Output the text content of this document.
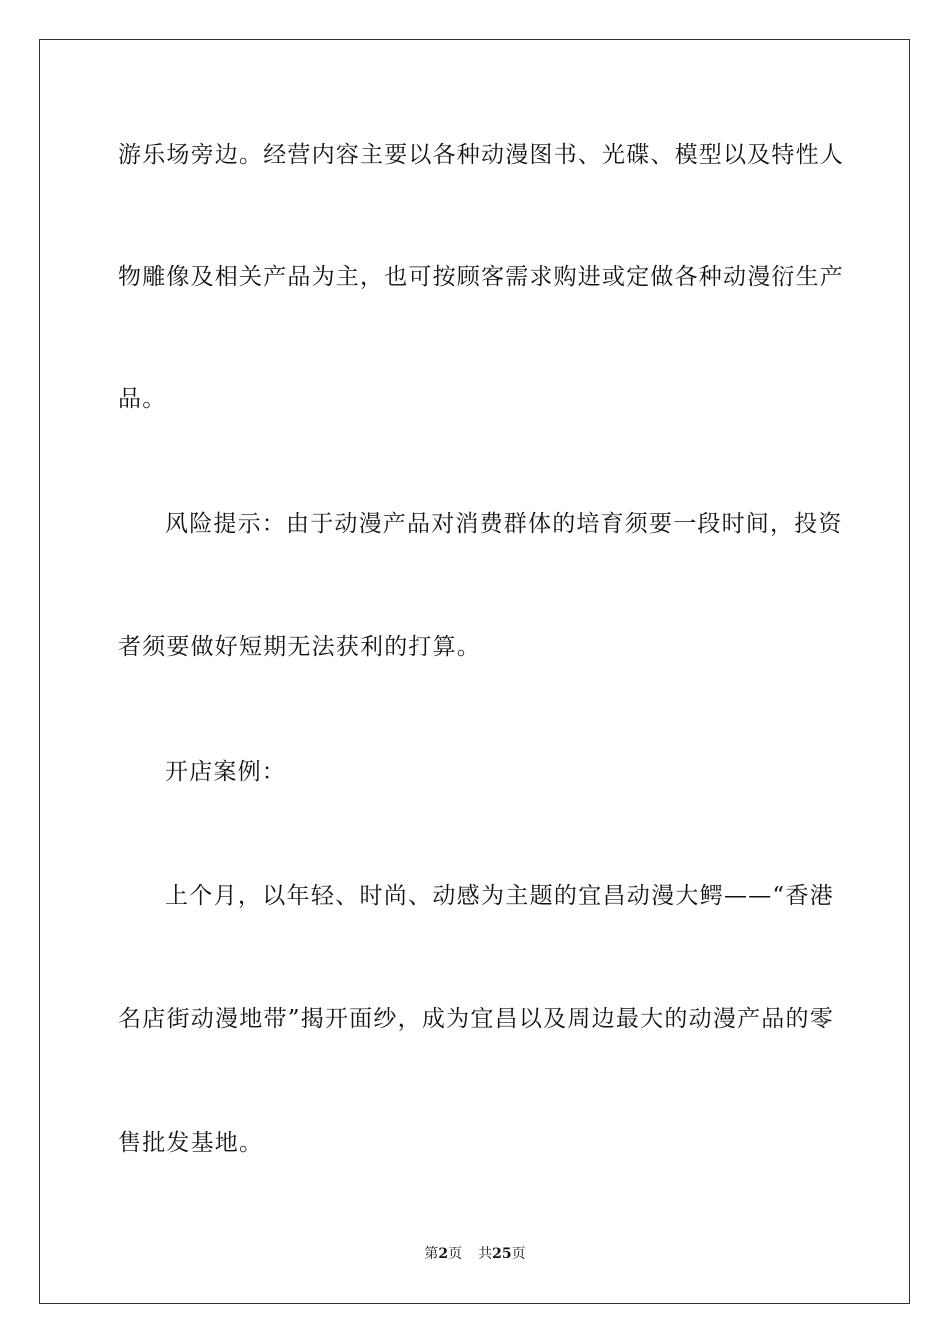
游乐场旁边。经营内容主要以各种动漫图书、光碟、模型以及特性人
物雕像及相关产品为主，也可按顾客需求购进或定做各种动漫衍生产
品。
风险提示：由于动漫产品对消费群体的培育须要一段时间，投资
者须要做好短期无法获利的打算。
开店案例：
上个月，以年轻、时尚、动感为主题的宜昌动漫大鳄——“香港
名店街动漫地带”揭开面纱，成为宜昌以及周边最大的动漫产品的零
售批发基地。
第2页 共25页
